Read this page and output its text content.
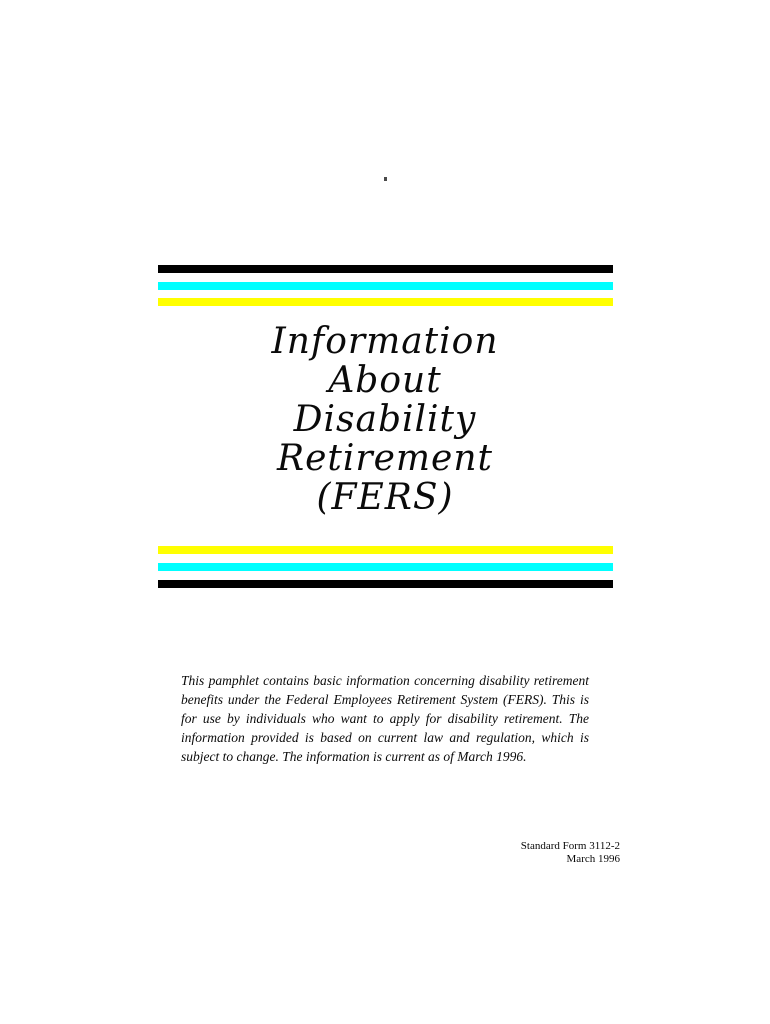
Information
About
Disability
Retirement
(FERS)

This pamphlet contains basic information concerning disability retirement benefits under the Federal Employees Retirement System (FERS). This is for use by individuals who want to apply for disability retirement. The information provided is based on current law and regulation, which is subject to change. The information is current as of March 1996.

Standard Form 3112-2
March 1996
